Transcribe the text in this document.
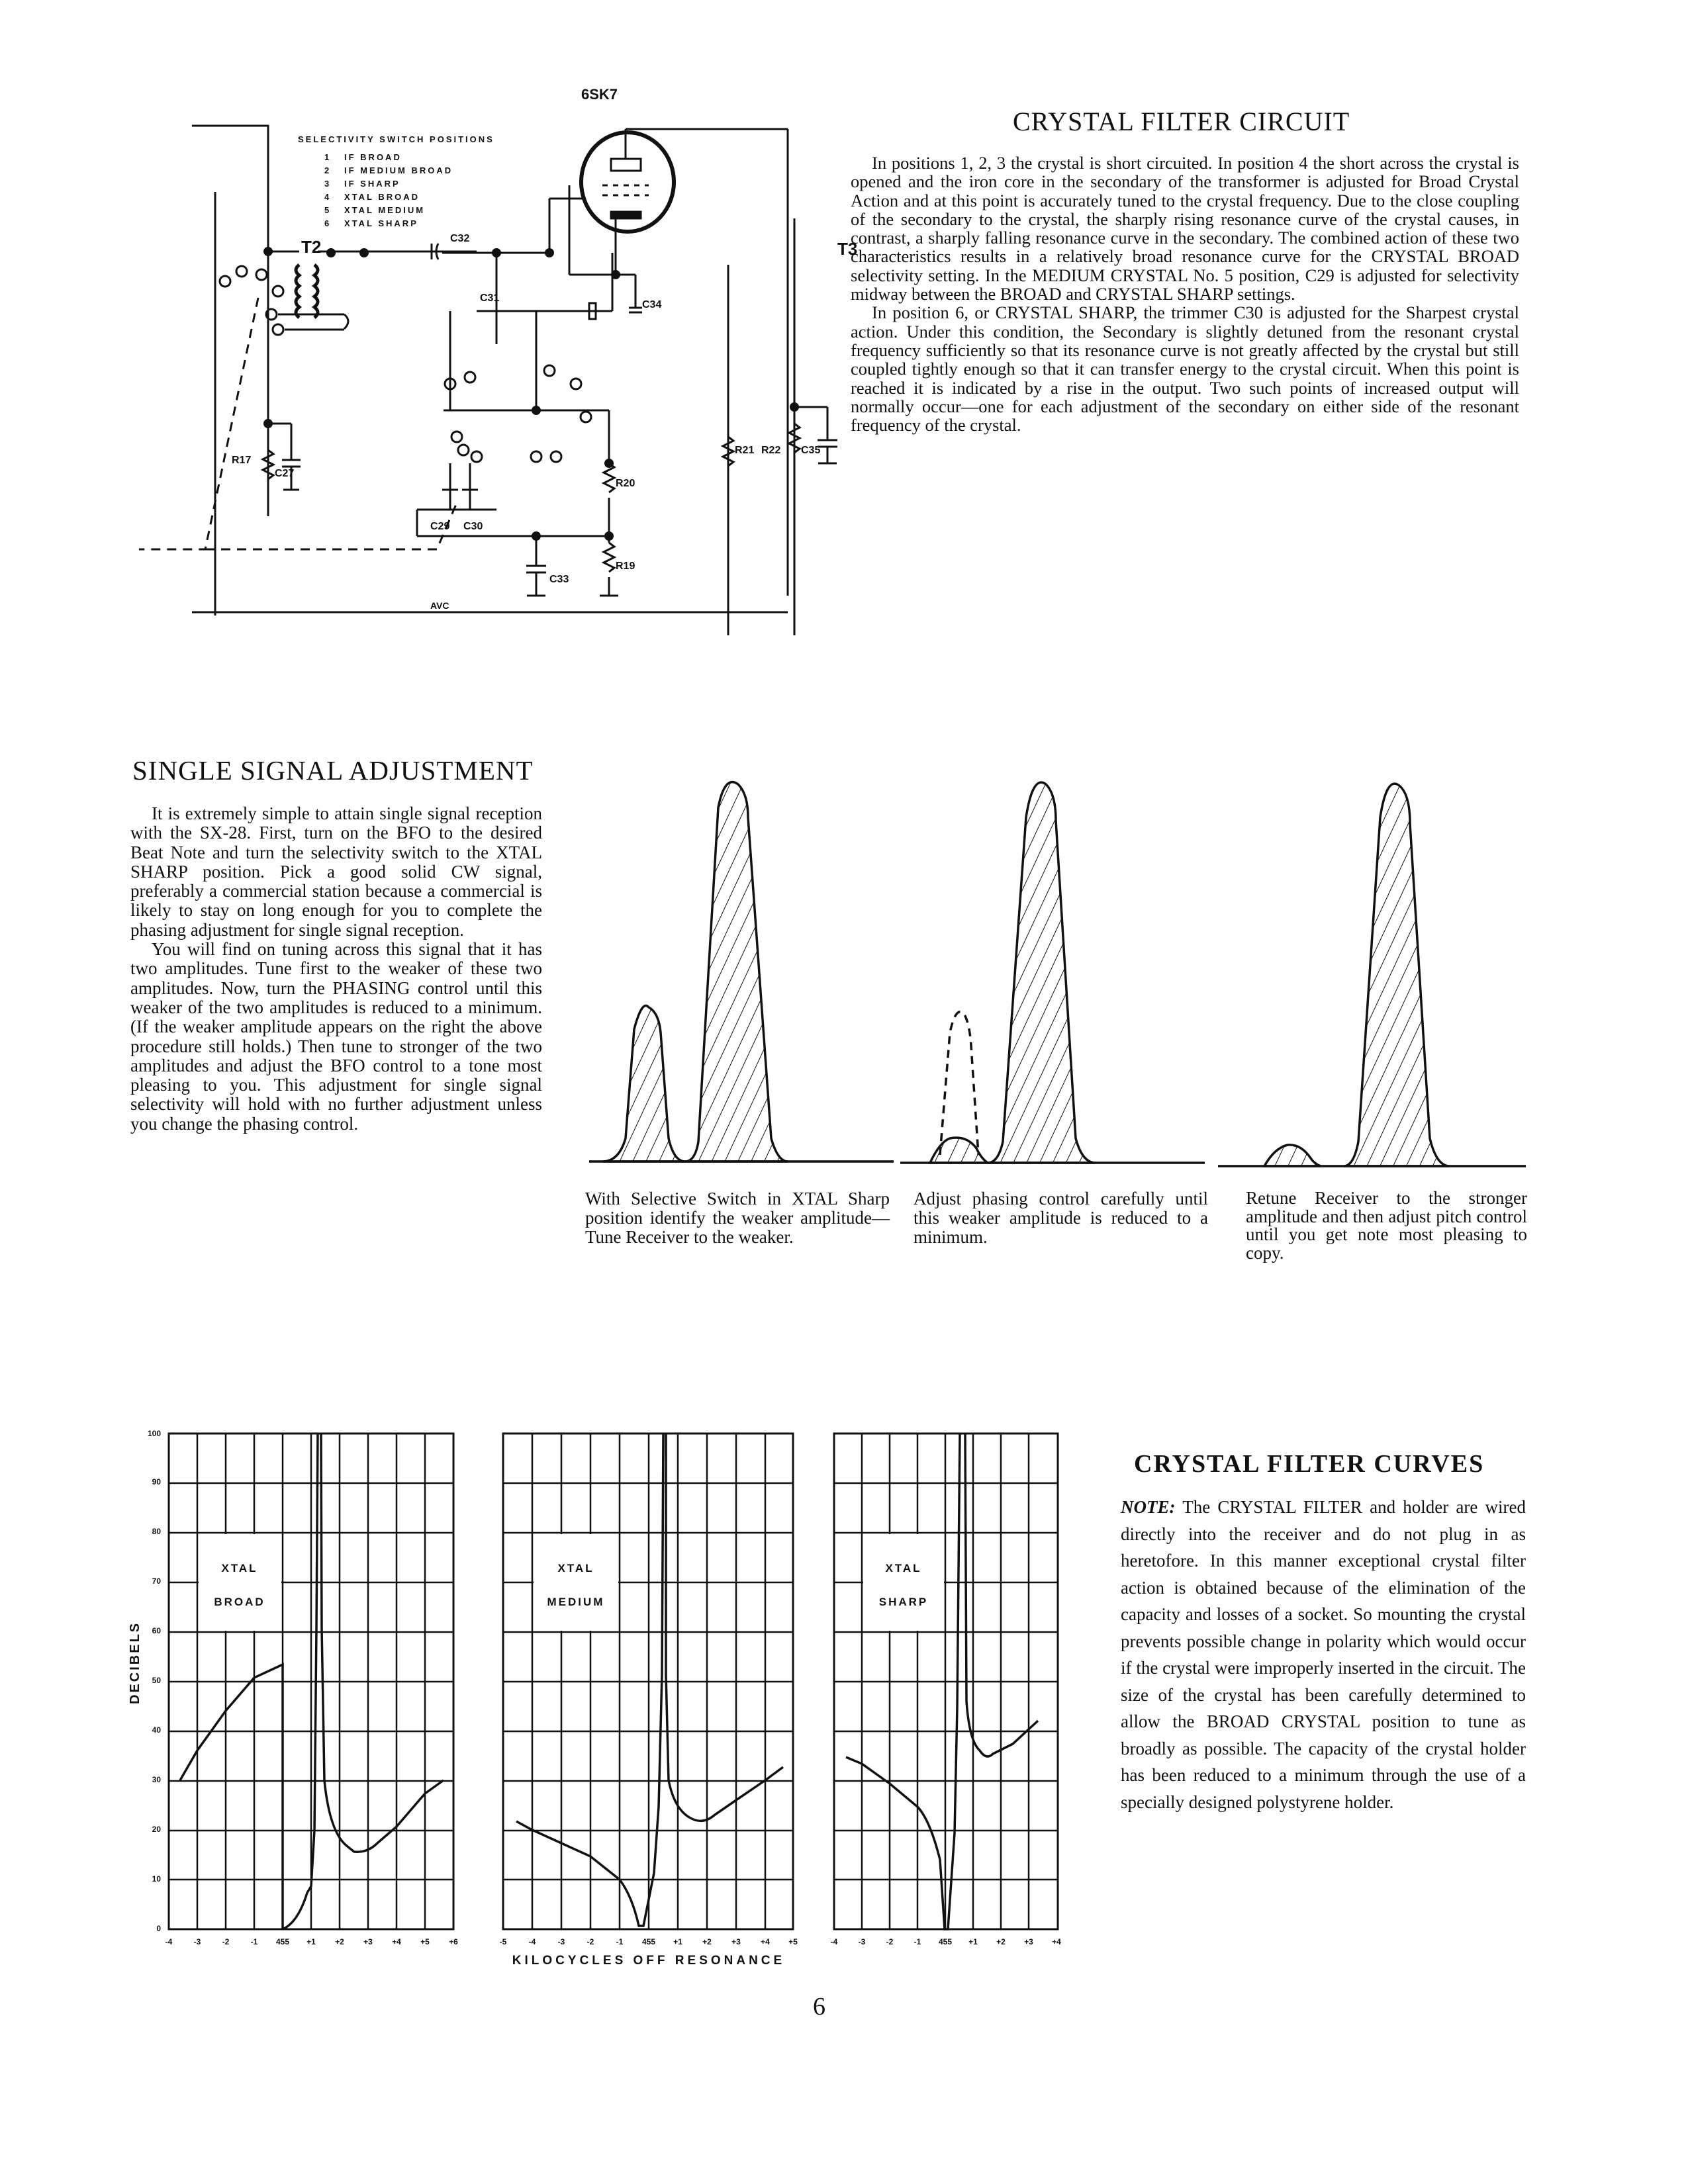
6SK7
T2	T3
C32
C31
C34
C29 C30
C33
R20
R19
R17
C27
R21 R22 C35
AVC
SELECTIVITY SWITCH POSITIONS
1 IF BROAD
2 IF MEDIUM BROAD
3 IF SHARP
4 XTAL BROAD
5 XTAL MEDIUM
6 XTAL SHARP
CRYSTAL FILTER CIRCUIT

In positions 1, 2, 3 the crystal is short circuited. In position 4 the short across the crystal is opened and the iron core in the secondary of the transformer is adjusted for Broad Crystal Action and at this point is accurately tuned to the crystal frequency. Due to the close coupling of the secondary to the crystal, the sharply rising resonance curve of the crystal causes, in contrast, a sharply falling resonance curve in the secondary. The combined action of these two characteristics results in a relatively broad resonance curve for the CRYSTAL BROAD selectivity setting. In the MEDIUM CRYSTAL No. 5 position, C29 is adjusted for selectivity midway between the BROAD and CRYSTAL SHARP settings.

In position 6, or CRYSTAL SHARP, the trimmer C30 is adjusted for the Sharpest crystal action. Under this condition, the Secondary is slightly detuned from the resonant crystal frequency sufficiently so that its resonance curve is not greatly affected by the crystal but still coupled tightly enough so that it can transfer energy to the crystal circuit. When this point is reached it is indicated by a rise in the output. Two such points of increased output will normally occur—one for each adjustment of the secondary on either side of the resonant frequency of the crystal.

SINGLE SIGNAL ADJUSTMENT

It is extremely simple to attain single signal reception with the SX-28. First, turn on the BFO to the desired Beat Note and turn the selectivity switch to the XTAL SHARP position. Pick a good solid CW signal, preferably a commercial station because a commercial is likely to stay on long enough for you to complete the phasing adjustment for single signal reception.

You will find on tuning across this signal that it has two amplitudes. Tune first to the weaker of these two amplitudes. Now, turn the PHASING control until this weaker of the two amplitudes is reduced to a minimum. (If the weaker amplitude appears on the right the above procedure still holds.) Then tune to stronger of the two amplitudes and adjust the BFO control to a tone most pleasing to you. This adjustment for single signal selectivity will hold with no further adjustment unless you change the phasing control.

With Selective Switch in XTAL Sharp position identify the weaker amplitude—Tune Receiver to the weaker.
Adjust phasing control carefully until this weaker amplitude is reduced to a minimum.
Retune Receiver to the stronger amplitude and then adjust pitch control until you get note most pleasing to copy.
DECIBELS
0
10
20
30
40
50
60
70
80
90
100
XTAL
BROAD
-4	-3	-2	-1 455 +1 +2 +3 +4 +5 +6
XTAL
MEDIUM
-5	-4	-3	-2	-1 455 +1	+2	+3	+4 +5
KILOCYCLES OFF RESONANCE
XTAL
SHARP
-4	-3	-2	-1 455 +1 +2 +3 +4
CRYSTAL FILTER CURVES

NOTE: The CRYSTAL FILTER and holder are wired directly into the receiver and do not plug in as heretofore. In this manner exceptional crystal filter action is obtained because of the elimination of the capacity and losses of a socket. So mounting the crystal prevents possible change in polarity which would occur if the crystal were improperly inserted in the circuit. The size of the crystal has been carefully determined to allow the BROAD CRYSTAL position to tune as broadly as possible. The capacity of the crystal holder has been reduced to a minimum through the use of a specially designed polystyrene holder.

6
